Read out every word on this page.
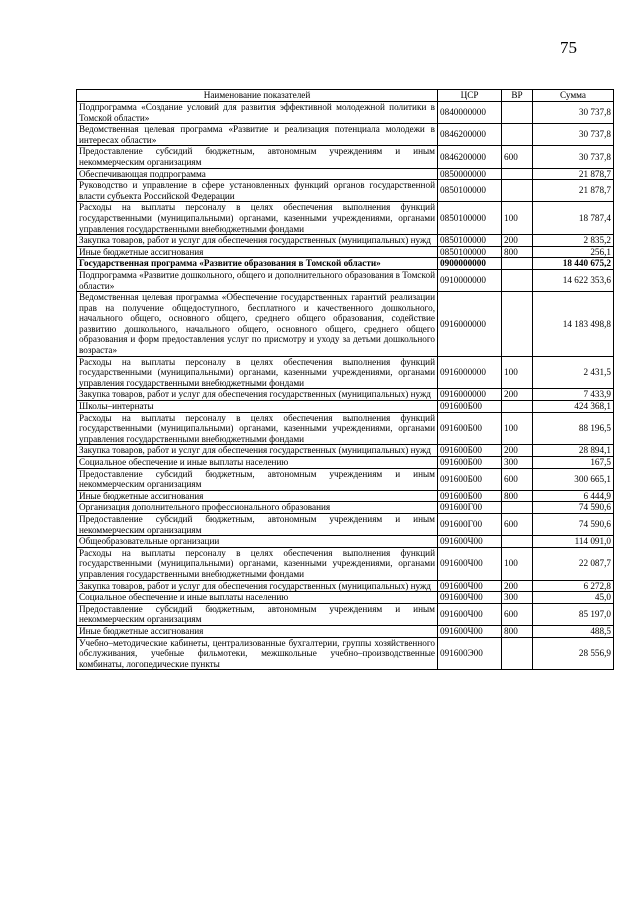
75
Наименование показателей	ЦСР	ВР	Сумма
Подпрограмма «Создание условий для развития эффективной молодежной политики в Томской области»	0840000000		30 737,8
Ведомственная целевая программа «Развитие и реализация потенциала молодежи в интересах области»	0846200000		30 737,8
Предоставление субсидий бюджетным, автономным учреждениям и иным некоммерческим организациям	0846200000	600	30 737,8
Обеспечивающая подпрограмма	0850000000		21 878,7
Руководство и управление в сфере установленных функций органов государственной власти субъекта Российской Федерации	0850100000		21 878,7
Расходы на выплаты персоналу в целях обеспечения выполнения функций государственными (муниципальными) органами, казенными учреждениями, органами управления государственными внебюджетными фондами	0850100000	100	18 787,4
Закупка товаров, работ и услуг для обеспечения государственных (муниципальных) нужд	0850100000	200	2 835,2
Иные бюджетные ассигнования	0850100000	800	256,1
Государственная программа «Развитие образования в Томской области»	0900000000		18 440 675,2
Подпрограмма «Развитие дошкольного, общего и дополнительного образования в Томской области»	0910000000		14 622 353,6
Ведомственная целевая программа «Обеспечение государственных гарантий реализации прав на получение общедоступного, бесплатного и качественного дошкольного, начального общего, основного общего, среднего общего образования, содействие развитию дошкольного, начального общего, основного общего, среднего общего образования и форм предоставления услуг по присмотру и уходу за детьми дошкольного возраста»	0916000000		14 183 498,8
Расходы на выплаты персоналу в целях обеспечения выполнения функций государственными (муниципальными) органами, казенными учреждениями, органами управления государственными внебюджетными фондами	0916000000	100	2 431,5
Закупка товаров, работ и услуг для обеспечения государственных (муниципальных) нужд	0916000000	200	7 433,9
Школы–интернаты	091600Б00		424 368,1
Расходы на выплаты персоналу в целях обеспечения выполнения функций государственными (муниципальными) органами, казенными учреждениями, органами управления государственными внебюджетными фондами	091600Б00	100	88 196,5
Закупка товаров, работ и услуг для обеспечения государственных (муниципальных) нужд	091600Б00	200	28 894,1
Социальное обеспечение и иные выплаты населению	091600Б00	300	167,5
Предоставление субсидий бюджетным, автономным учреждениям и иным некоммерческим организациям	091600Б00	600	300 665,1
Иные бюджетные ассигнования	091600Б00	800	6 444,9
Организация дополнительного профессионального образования	091600Г00		74 590,6
Предоставление субсидий бюджетным, автономным учреждениям и иным некоммерческим организациям	091600Г00	600	74 590,6
Общеобразовательные организации	091600Ч00		114 091,0
Расходы на выплаты персоналу в целях обеспечения выполнения функций государственными (муниципальными) органами, казенными учреждениями, органами управления государственными внебюджетными фондами	091600Ч00	100	22 087,7
Закупка товаров, работ и услуг для обеспечения государственных (муниципальных) нужд	091600Ч00	200	6 272,8
Социальное обеспечение и иные выплаты населению	091600Ч00	300	45,0
Предоставление субсидий бюджетным, автономным учреждениям и иным некоммерческим организациям	091600Ч00	600	85 197,0
Иные бюджетные ассигнования	091600Ч00	800	488,5
Учебно–методические кабинеты, централизованные бухгалтерии, группы хозяйственного обслуживания, учебные фильмотеки, межшкольные учебно–производственные комбинаты, логопедические пункты	091600Э00		28 556,9
